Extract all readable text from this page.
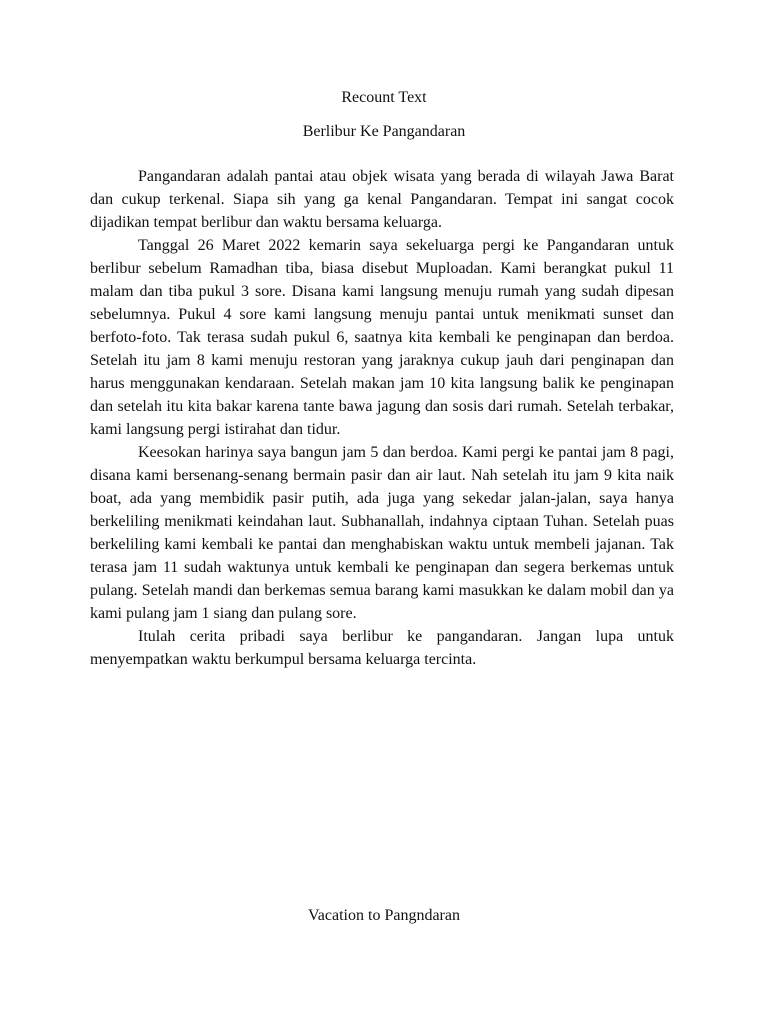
Recount Text
Berlibur Ke Pangandaran

Pangandaran adalah pantai atau objek wisata yang berada di wilayah Jawa Barat dan cukup terkenal. Siapa sih yang ga kenal Pangandaran. Tempat ini sangat cocok dijadikan tempat berlibur dan waktu bersama keluarga.

Tanggal 26 Maret 2022 kemarin saya sekeluarga pergi ke Pangandaran untuk berlibur sebelum Ramadhan tiba, biasa disebut Muploadan. Kami berangkat pukul 11 malam dan tiba pukul 3 sore. Disana kami langsung menuju rumah yang sudah dipesan sebelumnya. Pukul 4 sore kami langsung menuju pantai untuk menikmati sunset dan berfoto-foto. Tak terasa sudah pukul 6, saatnya kita kembali ke penginapan dan berdoa. Setelah itu jam 8 kami menuju restoran yang jaraknya cukup jauh dari penginapan dan harus menggunakan kendaraan. Setelah makan jam 10 kita langsung balik ke penginapan dan setelah itu kita bakar karena tante bawa jagung dan sosis dari rumah. Setelah terbakar, kami langsung pergi istirahat dan tidur.

Keesokan harinya saya bangun jam 5 dan berdoa. Kami pergi ke pantai jam 8 pagi, disana kami bersenang-senang bermain pasir dan air laut. Nah setelah itu jam 9 kita naik boat, ada yang membidik pasir putih, ada juga yang sekedar jalan-jalan, saya hanya berkeliling menikmati keindahan laut. Subhanallah, indahnya ciptaan Tuhan. Setelah puas berkeliling kami kembali ke pantai dan menghabiskan waktu untuk membeli jajanan. Tak terasa jam 11 sudah waktunya untuk kembali ke penginapan dan segera berkemas untuk pulang. Setelah mandi dan berkemas semua barang kami masukkan ke dalam mobil dan ya kami pulang jam 1 siang dan pulang sore.

Itulah cerita pribadi saya berlibur ke pangandaran. Jangan lupa untuk menyempatkan waktu berkumpul bersama keluarga tercinta.

Vacation to Pangndaran
